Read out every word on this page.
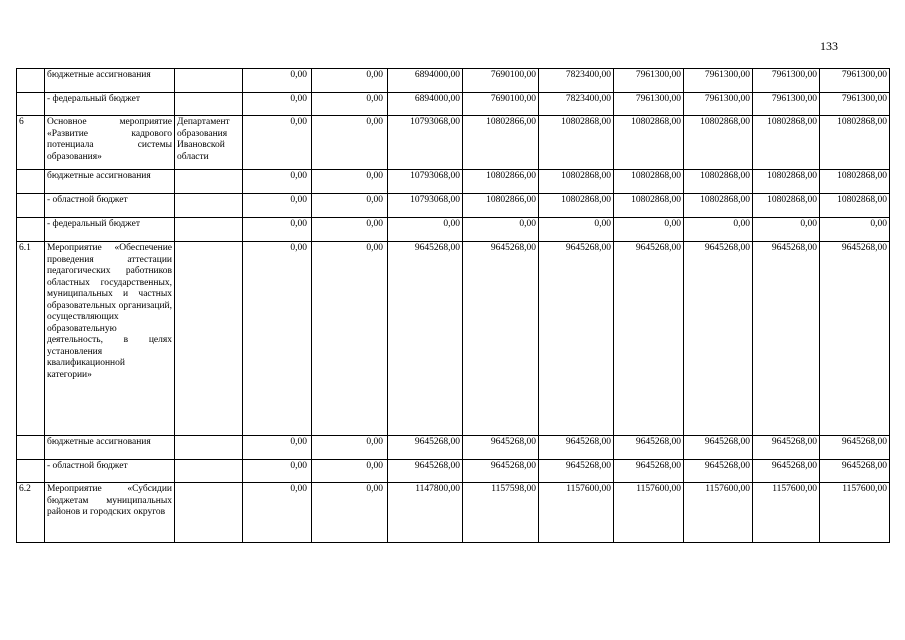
133
	бюджетные ассигнования		0,00	0,00	6894000,00	7690100,00	7823400,00	7961300,00	7961300,00	7961300,00	7961300,00
	- федеральный бюджет		0,00	0,00	6894000,00	7690100,00	7823400,00	7961300,00	7961300,00	7961300,00	7961300,00
6	Основное мероприятие «Развитие кадрового потенциала системы образования»	Департамент образования Ивановской области	0,00	0,00	10793068,00	10802866,00	10802868,00	10802868,00	10802868,00	10802868,00	10802868,00
	бюджетные ассигнования		0,00	0,00	10793068,00	10802866,00	10802868,00	10802868,00	10802868,00	10802868,00	10802868,00
	- областной бюджет		0,00	0,00	10793068,00	10802866,00	10802868,00	10802868,00	10802868,00	10802868,00	10802868,00
	- федеральный бюджет		0,00	0,00	0,00	0,00	0,00	0,00	0,00	0,00	0,00
6.1	Мероприятие «Обеспечение проведения аттестации педагогических работников областных государственных, муниципальных и частных образовательных организаций, осуществляющих образовательную деятельность, в целях установления квалификационной категории»		0,00	0,00	9645268,00	9645268,00	9645268,00	9645268,00	9645268,00	9645268,00	9645268,00
	бюджетные ассигнования		0,00	0,00	9645268,00	9645268,00	9645268,00	9645268,00	9645268,00	9645268,00	9645268,00
	- областной бюджет		0,00	0,00	9645268,00	9645268,00	9645268,00	9645268,00	9645268,00	9645268,00	9645268,00
6.2	Мероприятие «Субсидии бюджетам муниципальных районов и городских округов		0,00	0,00	1147800,00	1157598,00	1157600,00	1157600,00	1157600,00	1157600,00	1157600,00
